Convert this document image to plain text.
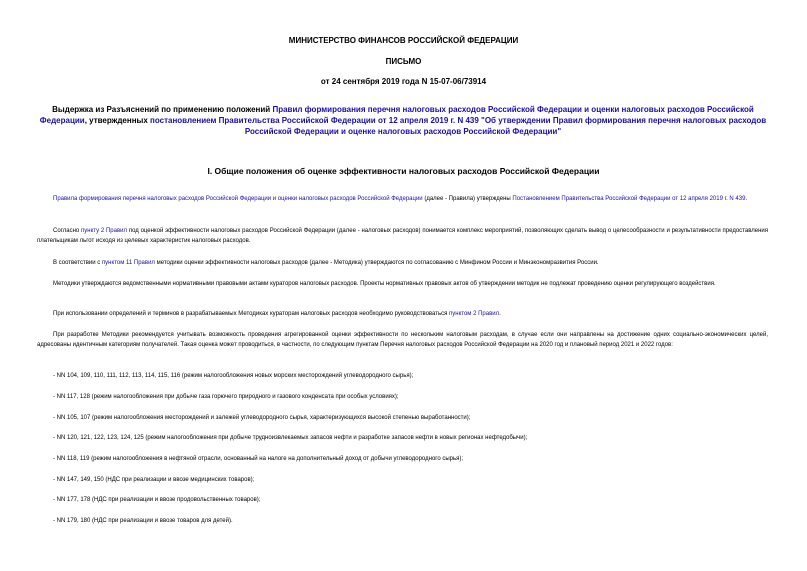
МИНИСТЕРСТВО ФИНАНСОВ РОССИЙСКОЙ ФЕДЕРАЦИИ
ПИСЬМО
от 24 сентября 2019 года N 15-07-06/73914
Выдержка из Разъяснений по применению положений Правил формирования перечня налоговых расходов Российской Федерации и оценки налоговых расходов Российской Федерации, утвержденных постановлением Правительства Российской Федерации от 12 апреля 2019 г. N 439 "Об утверждении Правил формирования перечня налоговых расходов Российской Федерации и оценке налоговых расходов Российской Федерации"
I. Общие положения об оценке эффективности налоговых расходов Российской Федерации
Правила формирования перечня налоговых расходов Российской Федерации и оценки налоговых расходов Российской Федерации (далее - Правила) утверждены Постановлением Правительства Российской Федерации от 12 апреля 2019 г. N 439.
Согласно пункту 2 Правил под оценкой эффективности налоговых расходов Российской Федерации (далее - налоговых расходов) понимается комплекс мероприятий, позволяющих сделать вывод о целесообразности и результативности предоставления плательщикам льгот исходя из целевых характеристик налоговых расходов.
В соответствии с пунктом 11 Правил методики оценки эффективности налоговых расходов (далее - Методика) утверждаются по согласованию с Минфином России и Минэкономразвития России.
Методики утверждаются ведомственными нормативными правовыми актами кураторов налоговых расходов. Проекты нормативных правовых актов об утверждении методик не подлежат проведению оценки регулирующего воздействия.
При использовании определений и терминов в разрабатываемых Методиках кураторам налоговых расходов необходимо руководствоваться пунктом 2 Правил.
При разработке Методики рекомендуется учитывать возможность проведения агрегированной оценки эффективности по нескольким налоговым расходам, в случае если они направлены на достижение одних социально-экономических целей, адресованы идентичным категориям получателей. Такая оценка может проводиться, в частности, по следующим пунктам Перечня налоговых расходов Российской Федерации на 2020 год и плановый период 2021 и 2022 годов:
- NN 104, 109, 110, 111, 112, 113, 114, 115, 116 (режим налогообложения новых морских месторождений углеводородного сырья);
- NN 117, 128 (режим налогообложения при добыче газа горючего природного и газового конденсата при особых условиях);
- NN 105, 107 (режим налогообложения месторождений и залежей углеводородного сырья, характеризующихся высокой степенью выработанности);
- NN 120, 121, 122, 123, 124, 125 (режим налогообложения при добыче трудноизвлекаемых запасов нефти и разработке запасов нефти в новых регионах нефтедобычи);
- NN 118, 119 (режим налогообложения в нефтяной отрасли, основанный на налоге на дополнительный доход от добычи углеводородного сырья);
- NN 147, 149, 150 (НДС при реализации и ввозе медицинских товаров);
- NN 177, 178 (НДС при реализации и ввозе продовольственных товаров);
- NN 179, 180 (НДС при реализации и ввозе товаров для детей).
